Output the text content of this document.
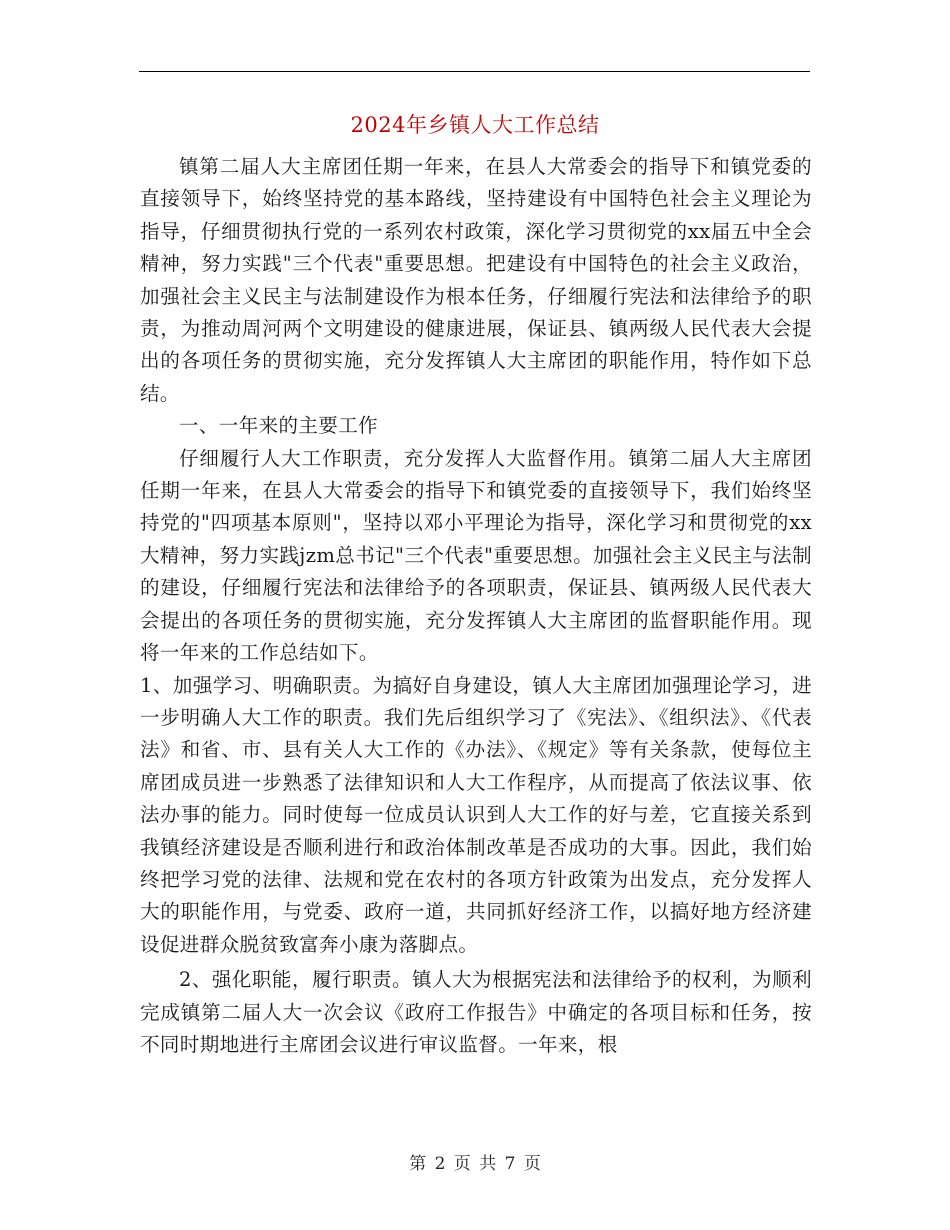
2024年乡镇人大工作总结

镇第二届人大主席团任期一年来，在县人大常委会的指导下和镇党委的直接领导下，始终坚持党的基本路线，坚持建设有中国特色社会主义理论为指导，仔细贯彻执行党的一系列农村政策，深化学习贯彻党的xx届五中全会精神，努力实践"三个代表"重要思想。把建设有中国特色的社会主义政治，加强社会主义民主与法制建设作为根本任务，仔细履行宪法和法律给予的职责，为推动周河两个文明建设的健康进展，保证县、镇两级人民代表大会提出的各项任务的贯彻实施，充分发挥镇人大主席团的职能作用，特作如下总结。

一、一年来的主要工作

仔细履行人大工作职责，充分发挥人大监督作用。镇第二届人大主席团任期一年来，在县人大常委会的指导下和镇党委的直接领导下，我们始终坚持党的"四项基本原则"，坚持以邓小平理论为指导，深化学习和贯彻党的xx大精神，努力实践jzm总书记"三个代表"重要思想。加强社会主义民主与法制的建设，仔细履行宪法和法律给予的各项职责，保证县、镇两级人民代表大会提出的各项任务的贯彻实施，充分发挥镇人大主席团的监督职能作用。现将一年来的工作总结如下。

1、加强学习、明确职责。为搞好自身建设，镇人大主席团加强理论学习，进一步明确人大工作的职责。我们先后组织学习了《宪法》、《组织法》、《代表法》和省、市、县有关人大工作的《办法》、《规定》等有关条款，使每位主席团成员进一步熟悉了法律知识和人大工作程序，从而提高了依法议事、依法办事的能力。同时使每一位成员认识到人大工作的好与差，它直接关系到我镇经济建设是否顺利进行和政治体制改革是否成功的大事。因此，我们始终把学习党的法律、法规和党在农村的各项方针政策为出发点，充分发挥人大的职能作用，与党委、政府一道，共同抓好经济工作，以搞好地方经济建设促进群众脱贫致富奔小康为落脚点。

2、强化职能，履行职责。镇人大为根据宪法和法律给予的权利，为顺利完成镇第二届人大一次会议《政府工作报告》中确定的各项目标和任务，按不同时期地进行主席团会议进行审议监督。一年来，根

第 2 页 共 7 页
